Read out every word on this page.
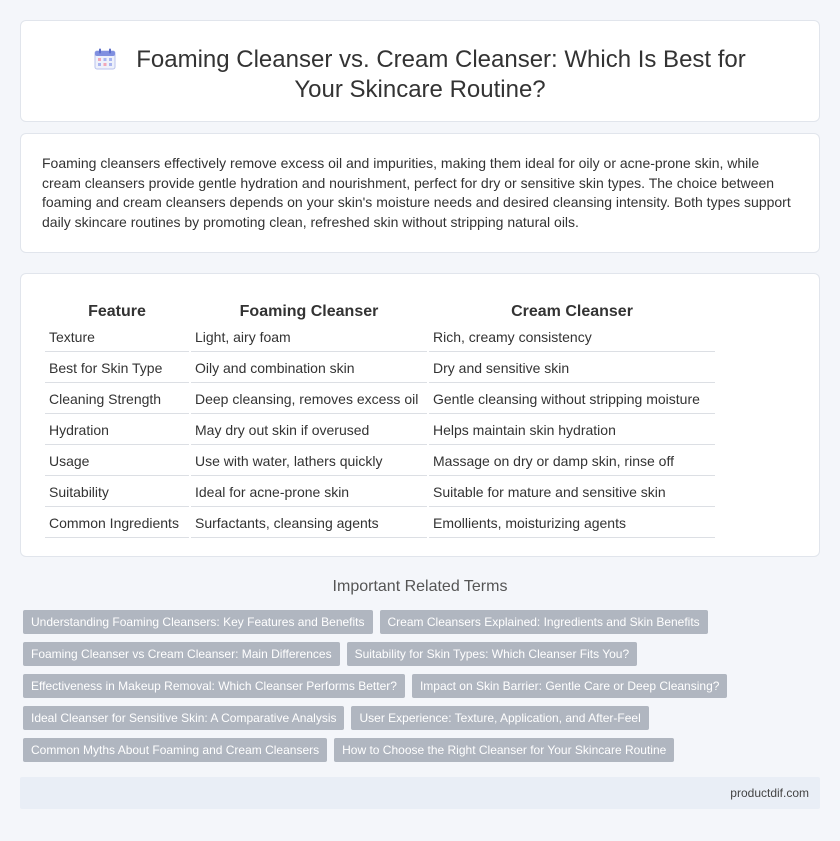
Foaming Cleanser vs. Cream Cleanser: Which Is Best for Your Skincare Routine?

Foaming cleansers effectively remove excess oil and impurities, making them ideal for oily or acne-prone skin, while cream cleansers provide gentle hydration and nourishment, perfect for dry or sensitive skin types. The choice between foaming and cream cleansers depends on your skin's moisture needs and desired cleansing intensity. Both types support daily skincare routines by promoting clean, refreshed skin without stripping natural oils.

Feature	Foaming Cleanser	Cream Cleanser
Texture	Light, airy foam	Rich, creamy consistency
Best for Skin Type	Oily and combination skin	Dry and sensitive skin
Cleaning Strength	Deep cleansing, removes excess oil	Gentle cleansing without stripping moisture
Hydration	May dry out skin if overused	Helps maintain skin hydration
Usage	Use with water, lathers quickly	Massage on dry or damp skin, rinse off
Suitability	Ideal for acne-prone skin	Suitable for mature and sensitive skin
Common Ingredients	Surfactants, cleansing agents	Emollients, moisturizing agents
Important Related Terms
Understanding Foaming Cleansers: Key Features and Benefits	Cream Cleansers Explained: Ingredients and Skin Benefits
Foaming Cleanser vs Cream Cleanser: Main Differences	Suitability for Skin Types: Which Cleanser Fits You?
Effectiveness in Makeup Removal: Which Cleanser Performs Better?	Impact on Skin Barrier: Gentle Care or Deep Cleansing?
Ideal Cleanser for Sensitive Skin: A Comparative Analysis	User Experience: Texture, Application, and After-Feel
Common Myths About Foaming and Cream Cleansers	How to Choose the Right Cleanser for Your Skincare Routine
productdif.com
